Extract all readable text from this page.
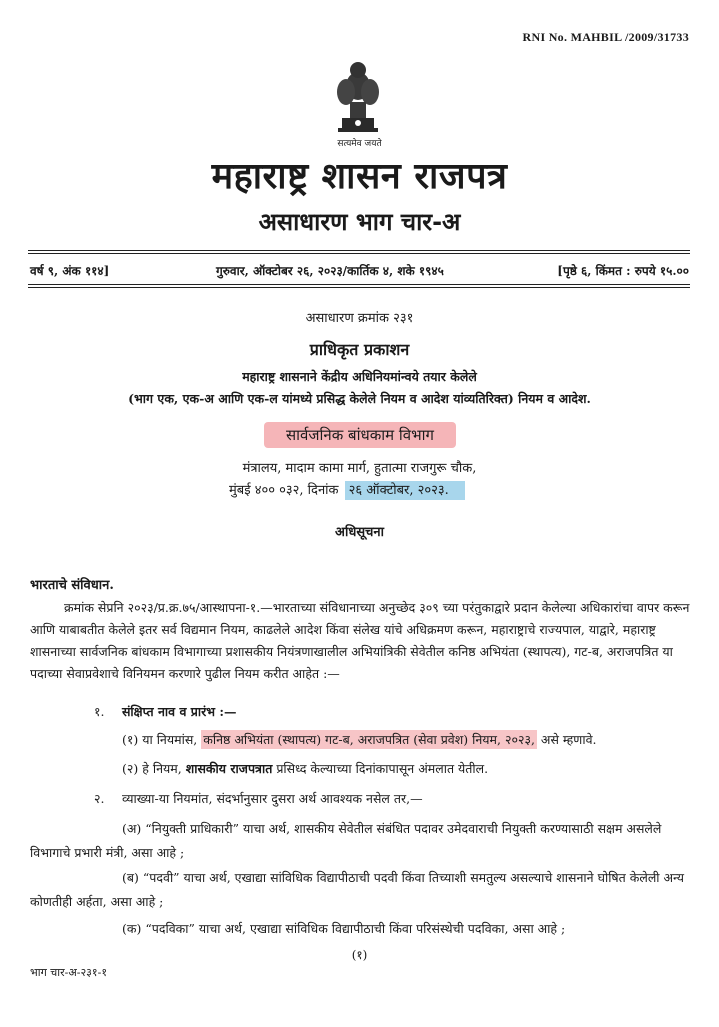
RNI No. MAHBIL /2009/31733
सत्यमेव जयते
महाराष्ट्र शासन राजपत्र
असाधारण भाग चार-अ
वर्ष ९, अंक ११४]	गुरुवार, ऑक्टोबर २६, २०२३/कार्तिक ४, शके १९४५	[पृष्ठे ६, किंमत : रुपये १५.००
असाधारण क्रमांक २३१
प्राधिकृत प्रकाशन
महाराष्ट्र शासनाने केंद्रीय अधिनियमांन्वये तयार केलेले
(भाग एक, एक-अ आणि एक-ल यांमध्ये प्रसिद्ध केलेले नियम व आदेश यांव्यतिरिक्त) नियम व आदेश.
सार्वजनिक बांधकाम विभाग
मंत्रालय, मादाम कामा मार्ग, हुतात्मा राजगुरू चौक,
मुंबई ४०० ०३२, दिनांक २६ ऑक्टोबर, २०२३.
अधिसूचना
भारताचे संविधान.
क्रमांक सेप्रनि २०२३/प्र.क्र.७५/आस्थापना-१.—भारताच्या संविधानाच्या अनुच्छेद ३०९ च्या परंतुकाद्वारे प्रदान केलेल्या अधिकारांचा वापर करून आणि याबाबतीत केलेले इतर सर्व विद्यमान नियम, काढलेले आदेश किंवा संलेख यांचे अधिक्रमण करून, महाराष्ट्राचे राज्यपाल, याद्वारे, महाराष्ट्र शासनाच्या सार्वजनिक बांधकाम विभागाच्या प्रशासकीय नियंत्रणाखालील अभियांत्रिकी सेवेतील कनिष्ठ अभियंता (स्थापत्य), गट-ब, अराजपत्रित या पदाच्या सेवाप्रवेशाचे विनियमन करणारे पुढील नियम करीत आहेत :—
१. संक्षिप्त नाव व प्रारंभ :—
(१) या नियमांस, कनिष्ठ अभियंता (स्थापत्य) गट-ब, अराजपत्रित (सेवा प्रवेश) नियम, २०२३, असे म्हणावे.
(२) हे नियम, शासकीय राजपत्रात प्रसिध्द केल्याच्या दिनांकापासून अंमलात येतील.
२. व्याख्या-या नियमांत, संदर्भानुसार दुसरा अर्थ आवश्यक नसेल तर,—
(अ) “नियुक्ती प्राधिकारी” याचा अर्थ, शासकीय सेवेतील संबंधित पदावर उमेदवाराची नियुक्ती करण्यासाठी सक्षम असलेले विभागाचे प्रभारी मंत्री, असा आहे ;
(ब) “पदवी” याचा अर्थ, एखाद्या सांविधिक विद्यापीठाची पदवी किंवा तिच्याशी समतुल्य असल्याचे शासनाने घोषित केलेली अन्य कोणतीही अर्हता, असा आहे ;
(क) “पदविका” याचा अर्थ, एखाद्या सांविधिक विद्यापीठाची किंवा परिसंस्थेची पदविका, असा आहे ;
(१)
भाग चार-अ-२३१-१
